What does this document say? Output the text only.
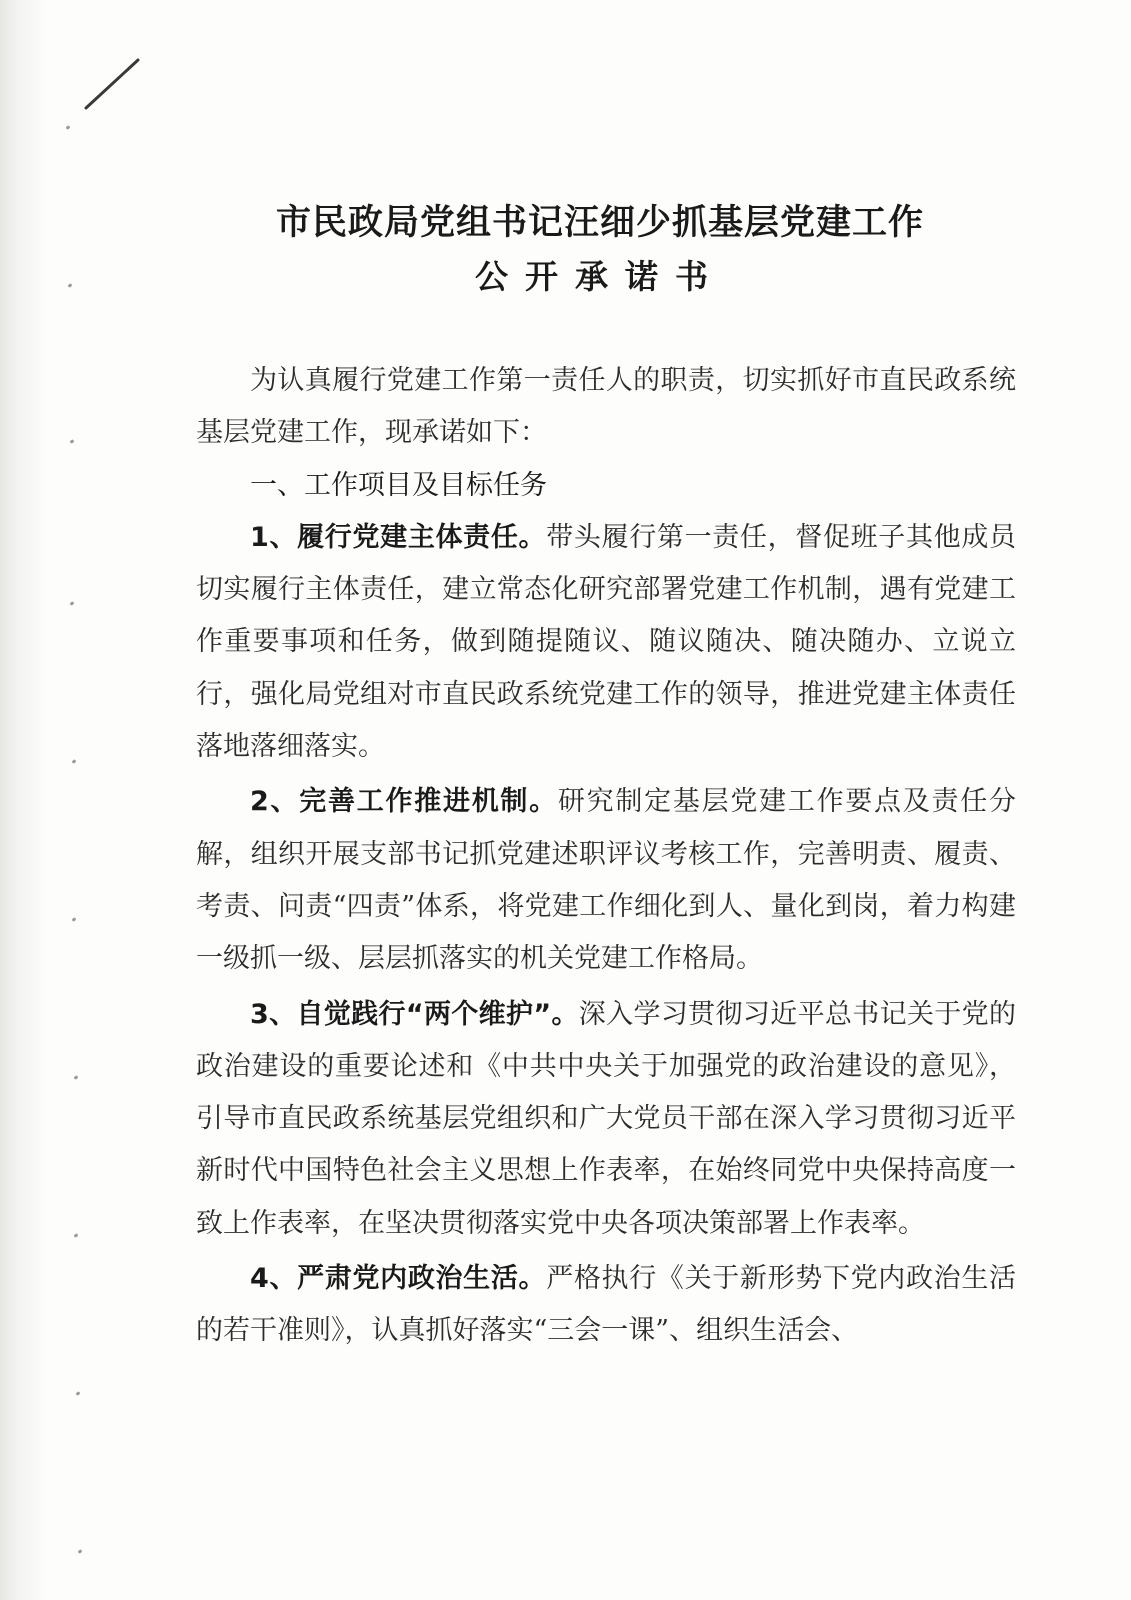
市民政局党组书记汪细少抓基层党建工作
公开承诺书

为认真履行党建工作第一责任人的职责，切实抓好市直民政系统基层党建工作，现承诺如下：

一、工作项目及目标任务

1、履行党建主体责任。带头履行第一责任，督促班子其他成员切实履行主体责任，建立常态化研究部署党建工作机制，遇有党建工作重要事项和任务，做到随提随议、随议随决、随决随办、立说立行，强化局党组对市直民政系统党建工作的领导，推进党建主体责任落地落细落实。

2、完善工作推进机制。研究制定基层党建工作要点及责任分解，组织开展支部书记抓党建述职评议考核工作，完善明责、履责、考责、问责“四责”体系，将党建工作细化到人、量化到岗，着力构建一级抓一级、层层抓落实的机关党建工作格局。

3、自觉践行“两个维护”。深入学习贯彻习近平总书记关于党的政治建设的重要论述和《中共中央关于加强党的政治建设的意见》，引导市直民政系统基层党组织和广大党员干部在深入学习贯彻习近平新时代中国特色社会主义思想上作表率，在始终同党中央保持高度一致上作表率，在坚决贯彻落实党中央各项决策部署上作表率。

4、严肃党内政治生活。严格执行《关于新形势下党内政治生活的若干准则》，认真抓好落实“三会一课”、组织生活会、
